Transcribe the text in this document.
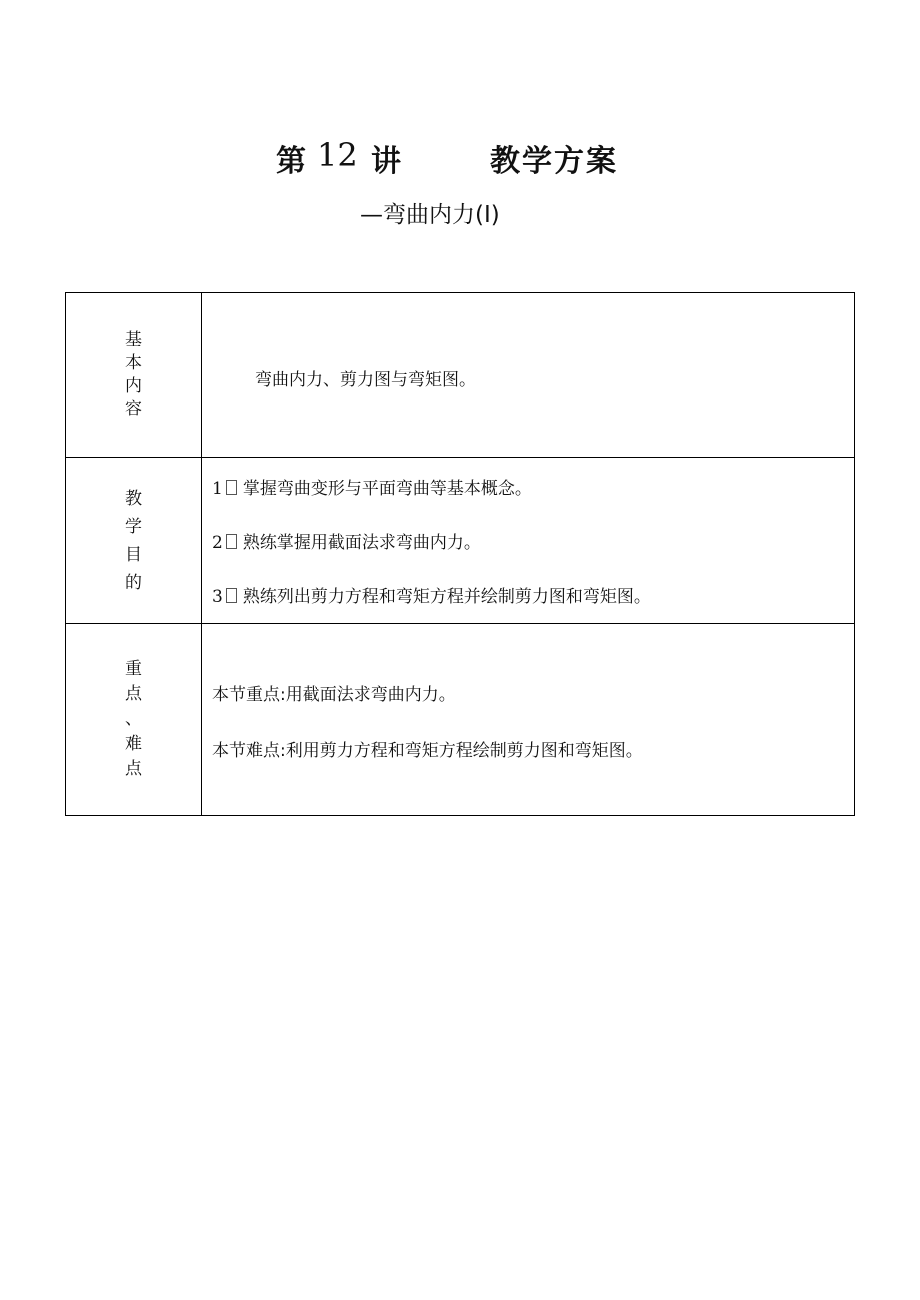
第 12 讲	教学方案
—弯曲内力(Ⅰ)
基
本
内
容	弯曲内力、剪力图与弯矩图。

教
学
目
的	1 掌握弯曲变形与平面弯曲等基本概念。
2 熟练掌握用截面法求弯曲内力。
3 熟练列出剪力方程和弯矩方程并绘制剪力图和弯矩图。

重
点
、
难
点	本节重点:用截面法求弯曲内力。
本节难点:利用剪力方程和弯矩方程绘制剪力图和弯矩图。
